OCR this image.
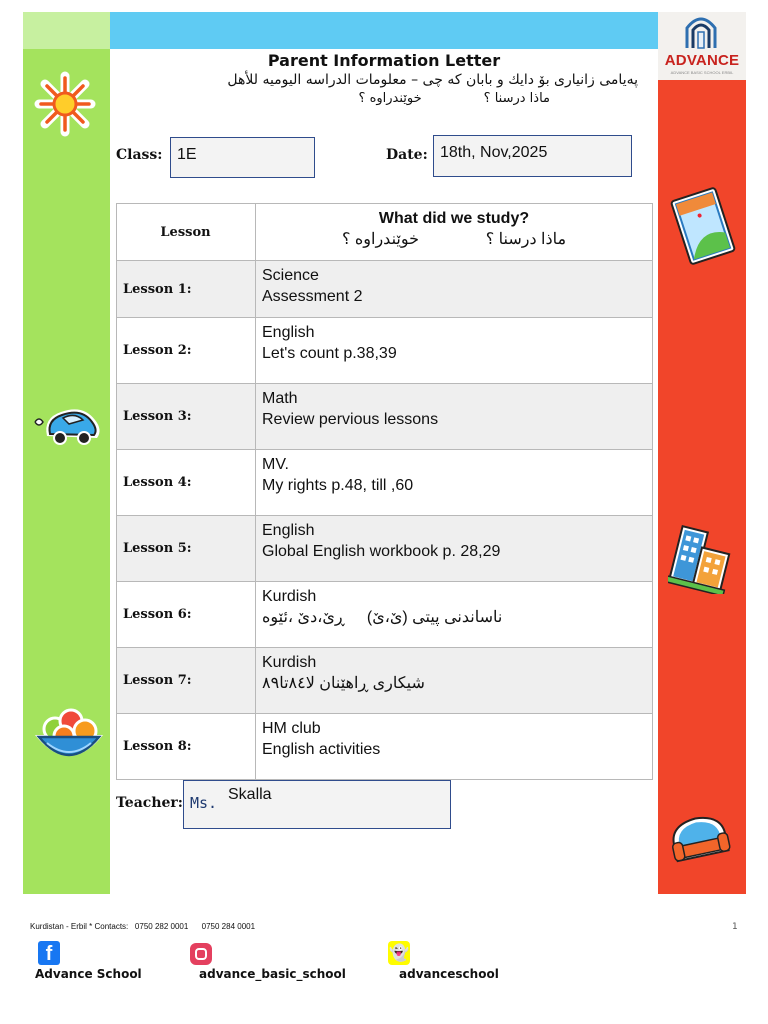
ADVANCE
ADVANCE BASIC SCHOOL ERBIL
Parent Information Letter
پەیامی زانیاری بۆ دایك و بابان كه چی – معلومات الدراسه اليوميه للأهل
ماذا درسنا ؟               خوێندراوه ؟
Class: 1E	Date: 18th, Nov,2025
Lesson	What did we study?
ماذا درسنا ؟               خوێندراوه ؟

Lesson 1:	Science
Assessment 2
Lesson 2:	English
Let's count p.38,39
Lesson 3:	Math
Review pervious lessons
Lesson 4:	MV.
My rights p.48, till ,60
Lesson 5:	English
Global English workbook p. 28,29
Lesson 6:	Kurdish

ناساندنی پیتی (ێ،ێ)     ڕێ،دێ ،ئێوه

Lesson 7:	Kurdish

شیکاری ڕاهێنان لا٨٤تا٨٩

Lesson 8:	HM club
English activities
Teacher: Ms. Skalla
Kurdistan - Erbil * Contacts:   0750 282 0001      0750 284 0001	1
f
Advance School	advance_basic_school
👻
advanceschool
